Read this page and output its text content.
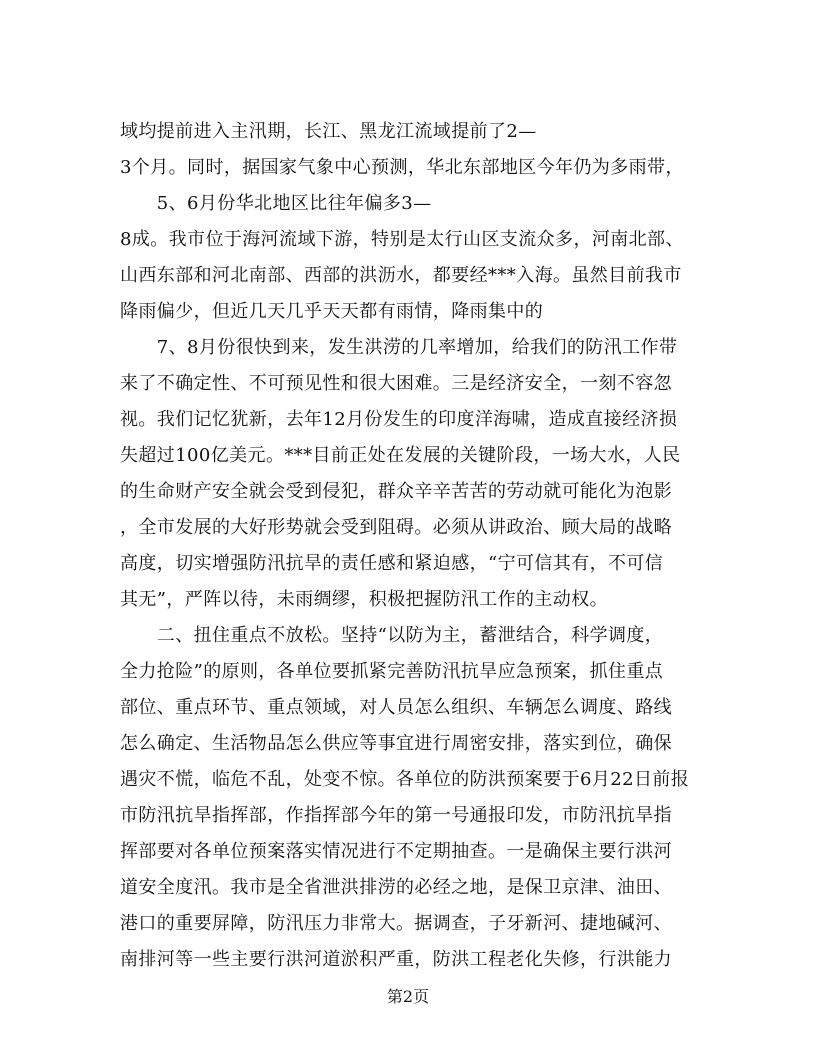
域均提前进入主汛期，长江、黑龙江流域提前了2—
3个月。同时，据国家气象中心预测，华北东部地区今年仍为多雨带，
　　5、6月份华北地区比往年偏多3—
8成。我市位于海河流域下游，特别是太行山区支流众多，河南北部、
山西东部和河北南部、西部的洪沥水，都要经***入海。虽然目前我市
降雨偏少，但近几天几乎天天都有雨情，降雨集中的
　　7、8月份很快到来，发生洪涝的几率增加，给我们的防汛工作带
来了不确定性、不可预见性和很大困难。三是经济安全，一刻不容忽
视。我们记忆犹新，去年12月份发生的印度洋海啸，造成直接经济损
失超过100亿美元。***目前正处在发展的关键阶段，一场大水，人民
的生命财产安全就会受到侵犯，群众辛辛苦苦的劳动就可能化为泡影
，全市发展的大好形势就会受到阻碍。必须从讲政治、顾大局的战略
高度，切实增强防汛抗旱的责任感和紧迫感，“宁可信其有，不可信
其无”，严阵以待，未雨绸缪，积极把握防汛工作的主动权。
　　二、扭住重点不放松。坚持“以防为主，蓄泄结合，科学调度，
全力抢险”的原则，各单位要抓紧完善防汛抗旱应急预案，抓住重点
部位、重点环节、重点领域，对人员怎么组织、车辆怎么调度、路线
怎么确定、生活物品怎么供应等事宜进行周密安排，落实到位，确保
遇灾不慌，临危不乱，处变不惊。各单位的防洪预案要于6月22日前报
市防汛抗旱指挥部，作指挥部今年的第一号通报印发，市防汛抗旱指
挥部要对各单位预案落实情况进行不定期抽查。一是确保主要行洪河
道安全度汛。我市是全省泄洪排涝的必经之地，是保卫京津、油田、
港口的重要屏障，防汛压力非常大。据调查，子牙新河、捷地碱河、
南排河等一些主要行洪河道淤积严重，防洪工程老化失修，行洪能力
第2页
